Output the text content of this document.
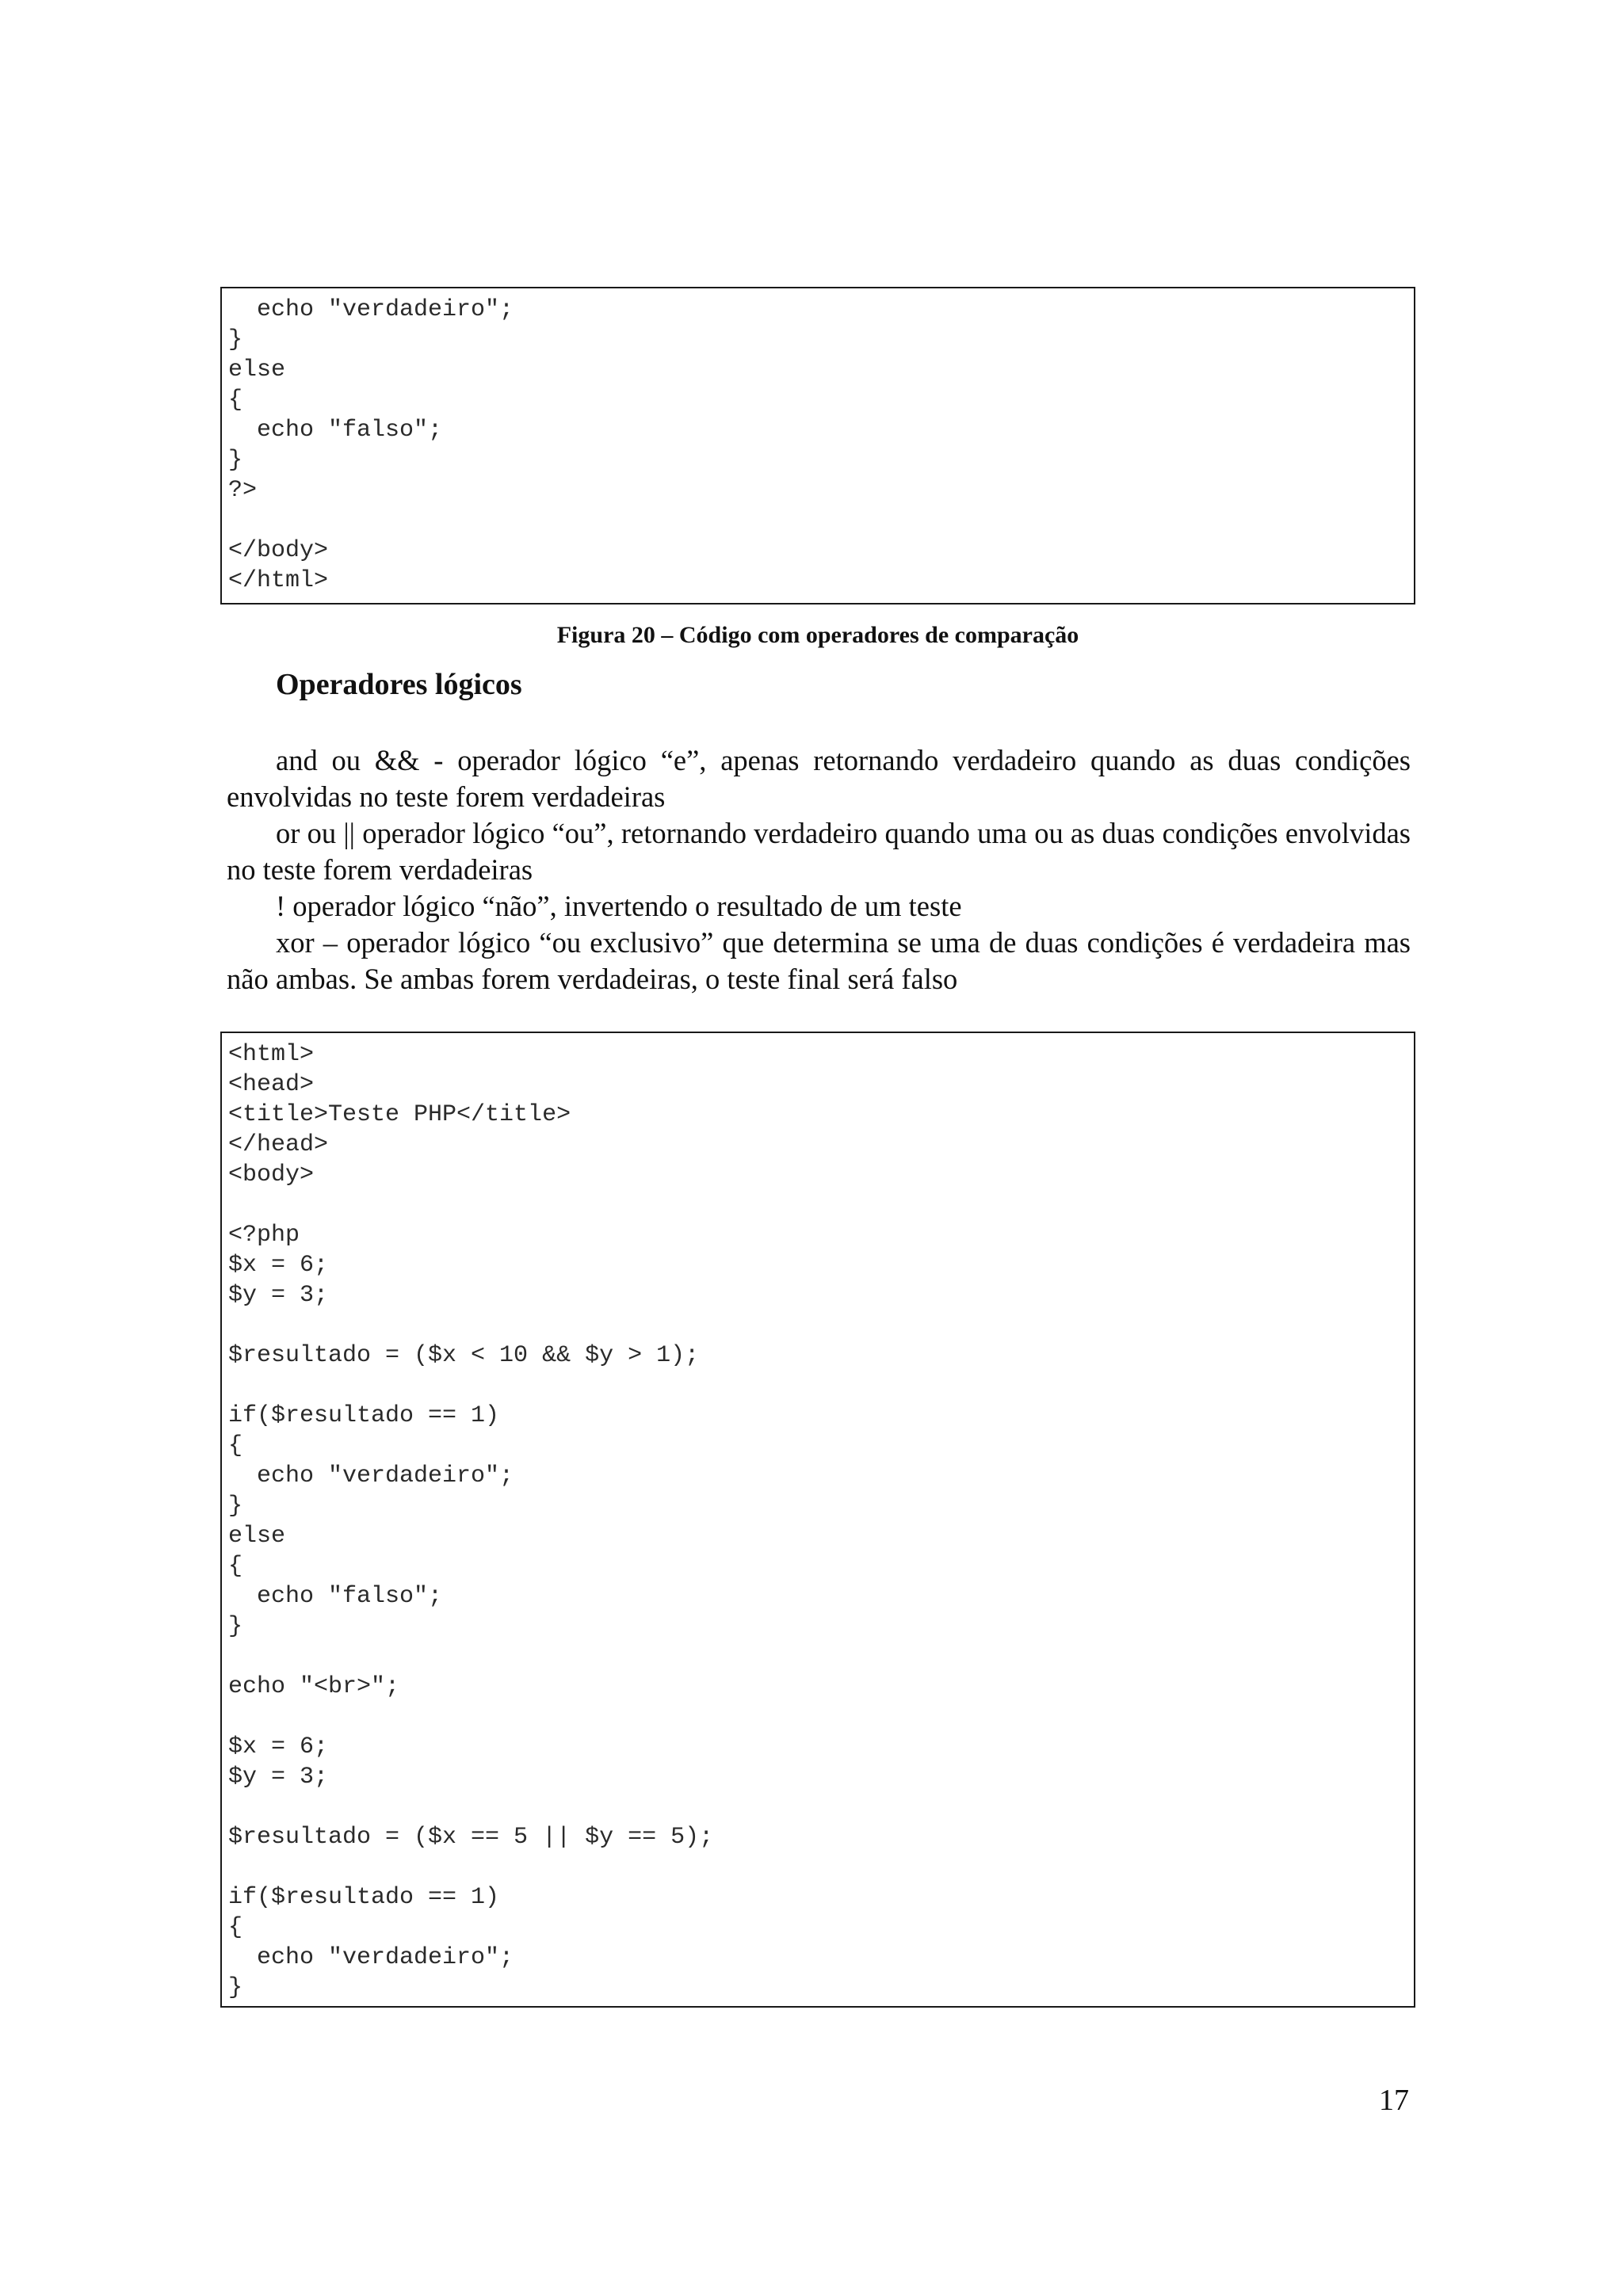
echo "verdadeiro";
}
else
{
echo "falso";
}
?>
</body>
</html>
Figura 20 – Código com operadores de comparação
Operadores lógicos

and ou && - operador lógico “e”, apenas retornando verdadeiro quando as duas condições envolvidas no teste forem verdadeiras

or ou || operador lógico “ou”, retornando verdadeiro quando uma ou as duas condições envolvidas no teste forem verdadeiras

! operador lógico “não”, invertendo o resultado de um teste

xor – operador lógico “ou exclusivo” que determina se uma de duas condições é verdadeira mas não ambas. Se ambas forem verdadeiras, o teste final será falso

<html>
<head>
<title>Teste PHP</title>
</head>
<body>
<?php
$x = 6;
$y = 3;
$resultado = ($x < 10 && $y > 1);
if($resultado == 1)
{
echo "verdadeiro";
}
else
{
echo "falso";
}
echo "<br>";
$x = 6;
$y = 3;
$resultado = ($x == 5 || $y == 5);
if($resultado == 1)
{
echo "verdadeiro";
}
17
